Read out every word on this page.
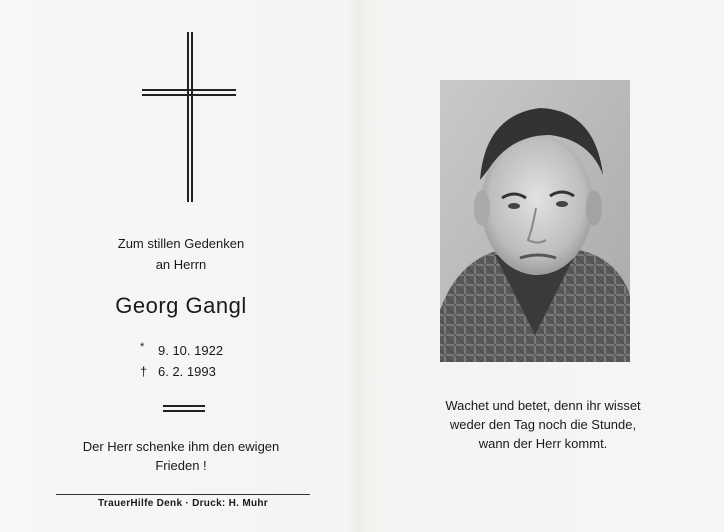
Zum stillen Gedenken
an Herrn
Georg Gangl
*	9. 10. 1922
† 6. 2. 1993
Der Herr schenke ihm den ewigen
Frieden !
TrauerHilfe Denk · Druck: H. Muhr
Wachet und betet, denn ihr wisset
weder den Tag noch die Stunde,
wann der Herr kommt.
